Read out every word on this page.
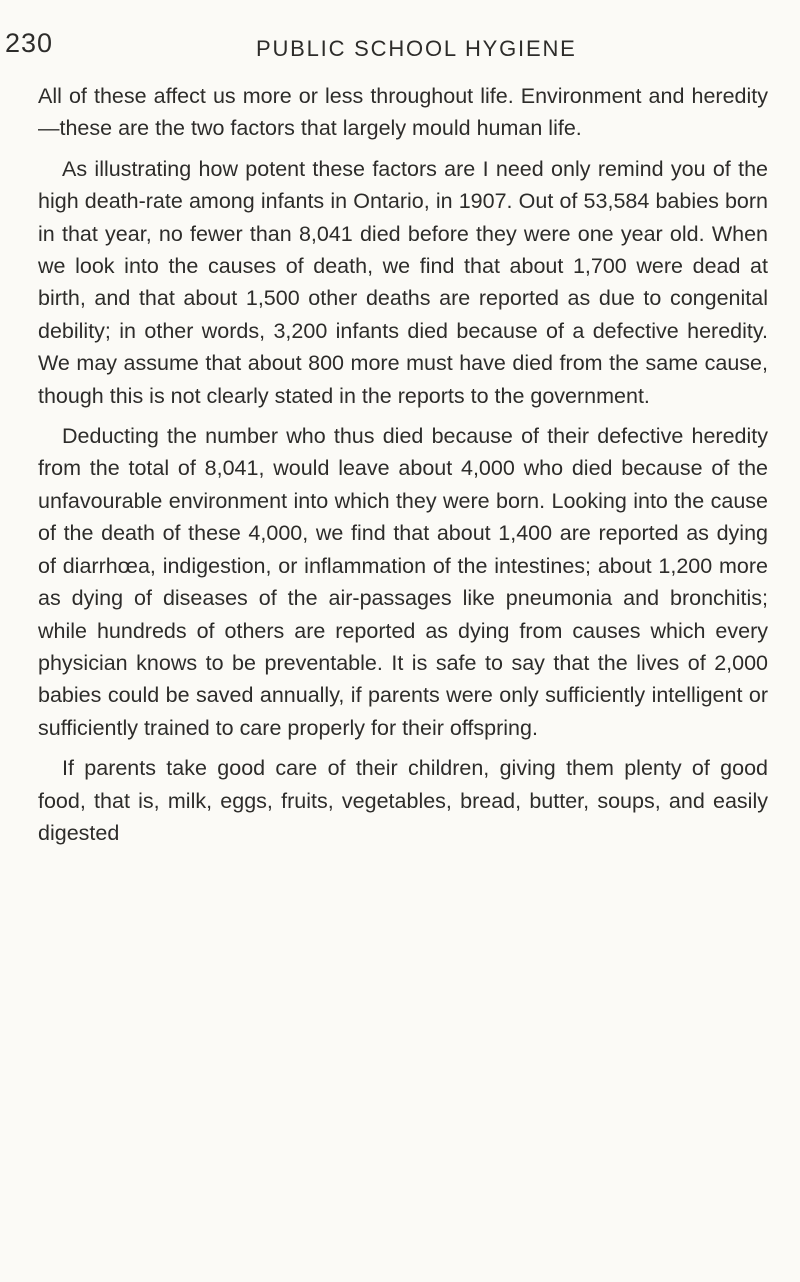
230	PUBLIC SCHOOL HYGIENE

All of these affect us more or less throughout life. Environment and heredity—these are the two factors that largely mould human life.

As illustrating how potent these factors are I need only remind you of the high death-rate among infants in Ontario, in 1907. Out of 53,584 babies born in that year, no fewer than 8,041 died before they were one year old. When we look into the causes of death, we find that about 1,700 were dead at birth, and that about 1,500 other deaths are reported as due to congenital debility; in other words, 3,200 infants died because of a defective heredity. We may assume that about 800 more must have died from the same cause, though this is not clearly stated in the reports to the government.

Deducting the number who thus died because of their defective heredity from the total of 8,041, would leave about 4,000 who died because of the unfavourable environment into which they were born. Looking into the cause of the death of these 4,000, we find that about 1,400 are reported as dying of diarrhœa, indigestion, or inflammation of the intestines; about 1,200 more as dying of diseases of the air-passages like pneumonia and bronchitis; while hundreds of others are reported as dying from causes which every physician knows to be preventable. It is safe to say that the lives of 2,000 babies could be saved annually, if parents were only sufficiently intelligent or sufficiently trained to care properly for their offspring.

If parents take good care of their children, giving them plenty of good food, that is, milk, eggs, fruits, vegetables, bread, butter, soups, and easily digested
